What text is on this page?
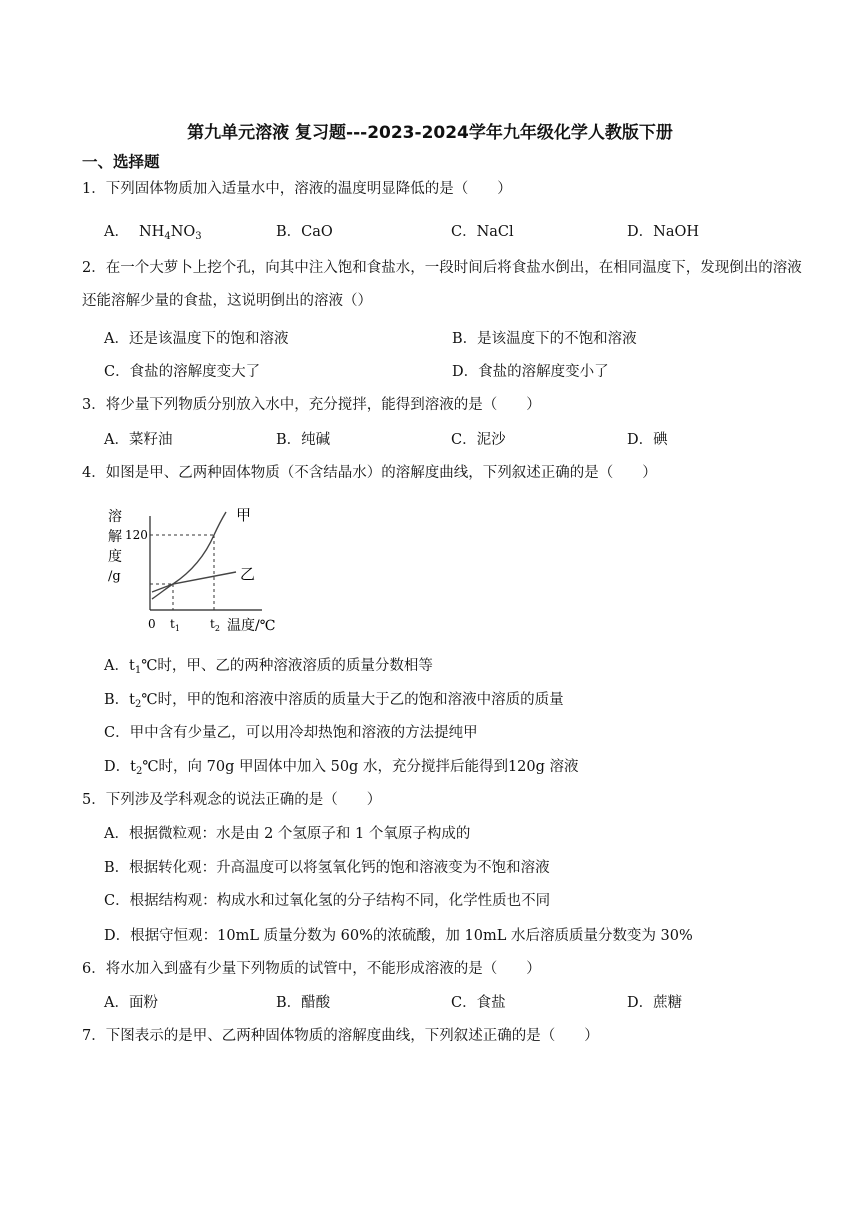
第九单元溶液 复习题---2023-2024学年九年级化学人教版下册
一、选择题
1．下列固体物质加入适量水中，溶液的温度明显降低的是（　　）
A． $NH_4NO_3$	B．CaO	C．NaCl	D．NaOH
2．在一个大萝卜上挖个孔，向其中注入饱和食盐水，一段时间后将食盐水倒出，在相同温度下，发现倒出的溶液还能溶解少量的食盐，这说明倒出的溶液（）
A．还是该温度下的饱和溶液	B．是该温度下的不饱和溶液
C．食盐的溶解度变大了	D．食盐的溶解度变小了
3．将少量下列物质分别放入水中，充分搅拌，能得到溶液的是（　　）
A．菜籽油	B．纯碱	C．泥沙	D．碘
4．如图是甲、乙两种固体物质（不含结晶水）的溶解度曲线，下列叙述正确的是（　　）
溶
解
度
/g
120
甲
乙
0 $t_1$	$t_2$ 温度/℃
A．$t_1℃$时，甲、乙的两种溶液溶质的质量分数相等
B．$t_2℃$时，甲的饱和溶液中溶质的质量大于乙的饱和溶液中溶质的质量
C．甲中含有少量乙，可以用冷却热饱和溶液的方法提纯甲
D．$t_2℃$时，向 70g 甲固体中加入 50g 水，充分搅拌后能得到120g 溶液
5．下列涉及学科观念的说法正确的是（　　）
A．根据微粒观：水是由 2 个氢原子和 1 个氧原子构成的
B．根据转化观：升高温度可以将氢氧化钙的饱和溶液变为不饱和溶液
C．根据结构观：构成水和过氧化氢的分子结构不同，化学性质也不同
D．根据守恒观：10mL 质量分数为 60%的浓硫酸，加 10mL 水后溶质质量分数变为 30%
6．将水加入到盛有少量下列物质的试管中，不能形成溶液的是（　　）
A．面粉	B．醋酸	C．食盐	D．蔗糖
7．下图表示的是甲、乙两种固体物质的溶解度曲线，下列叙述正确的是（　　）
